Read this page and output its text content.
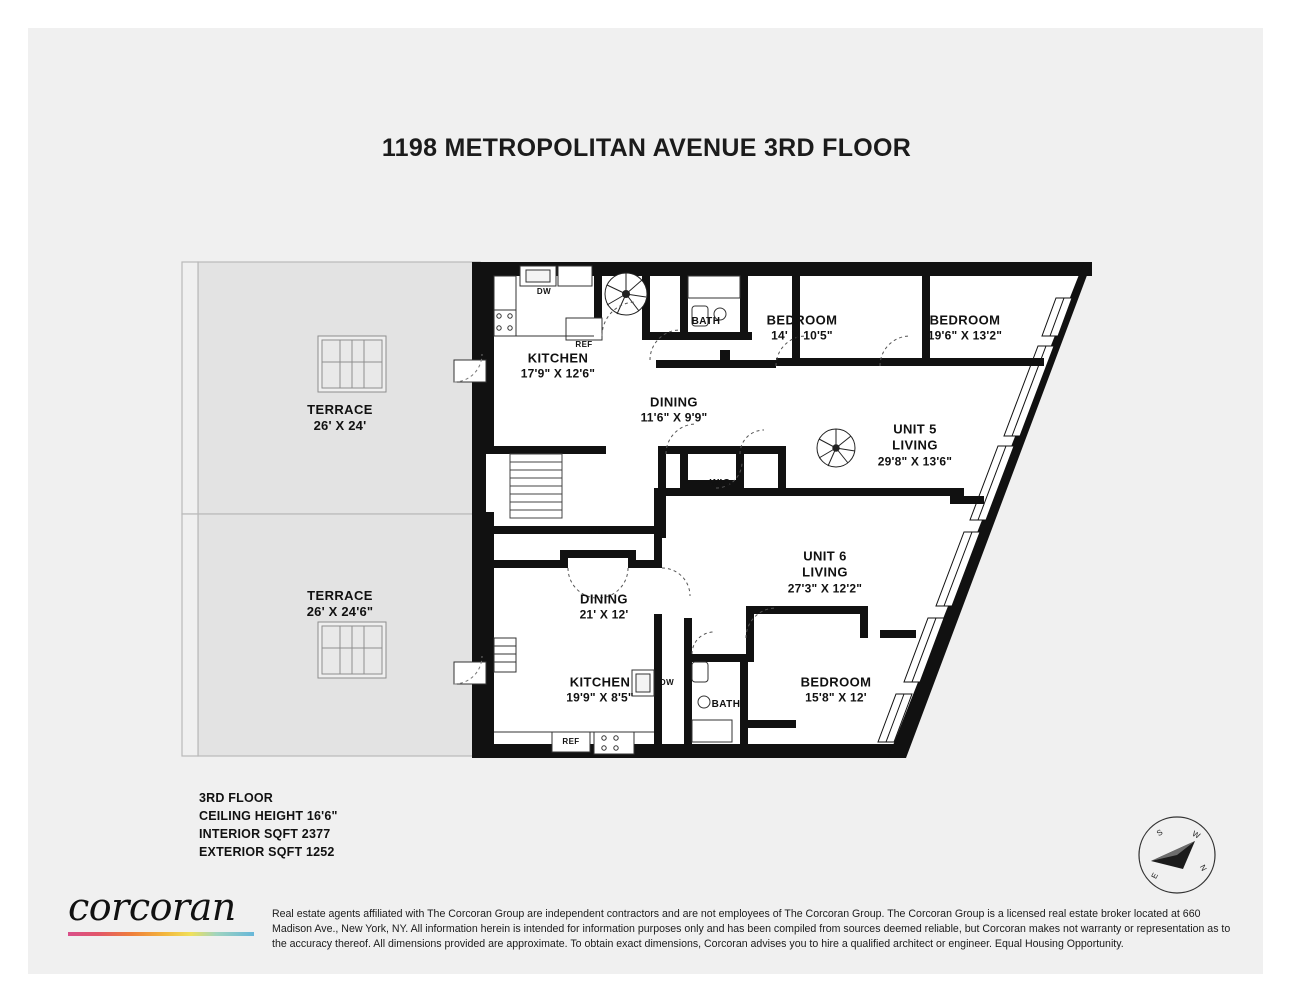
1198 METROPOLITAN AVENUE 3RD FLOOR
TERRACE
26' X 24'
TERRACE
26' X 24'6"
KITCHEN
17'9" X 12'6"
DINING
11'6" X 9'9"
BEDROOM
14' X 10'5"
BEDROOM
19'6" X 13'2"
UNIT 5
LIVING
29'8" X 13'6"
UNIT 6
LIVING
27'3" X 12'2"
DINING
21' X 12'
KITCHEN
19'9" X 8'5"
BEDROOM
15'8" X 12'
BATH
WIC
WIC
BATH
DW
REF
DW
REF
3RD FLOOR
CEILING HEIGHT 16'6"
INTERIOR SQFT 2377
EXTERIOR SQFT 1252
S	W
N
E
corcoran	Real estate agents affiliated with The Corcoran Group are independent contractors and are not employees of The Corcoran Group. The Corcoran Group is a licensed real estate broker located at 660 Madison Ave., New York, NY. All information herein is intended for information purposes only and has been compiled from sources deemed reliable, but Corcoran makes not warranty or representation as to the accuracy thereof. All dimensions provided are approximate. To obtain exact dimensions, Corcoran advises you to hire a qualified architect or engineer. Equal Housing Opportunity.
